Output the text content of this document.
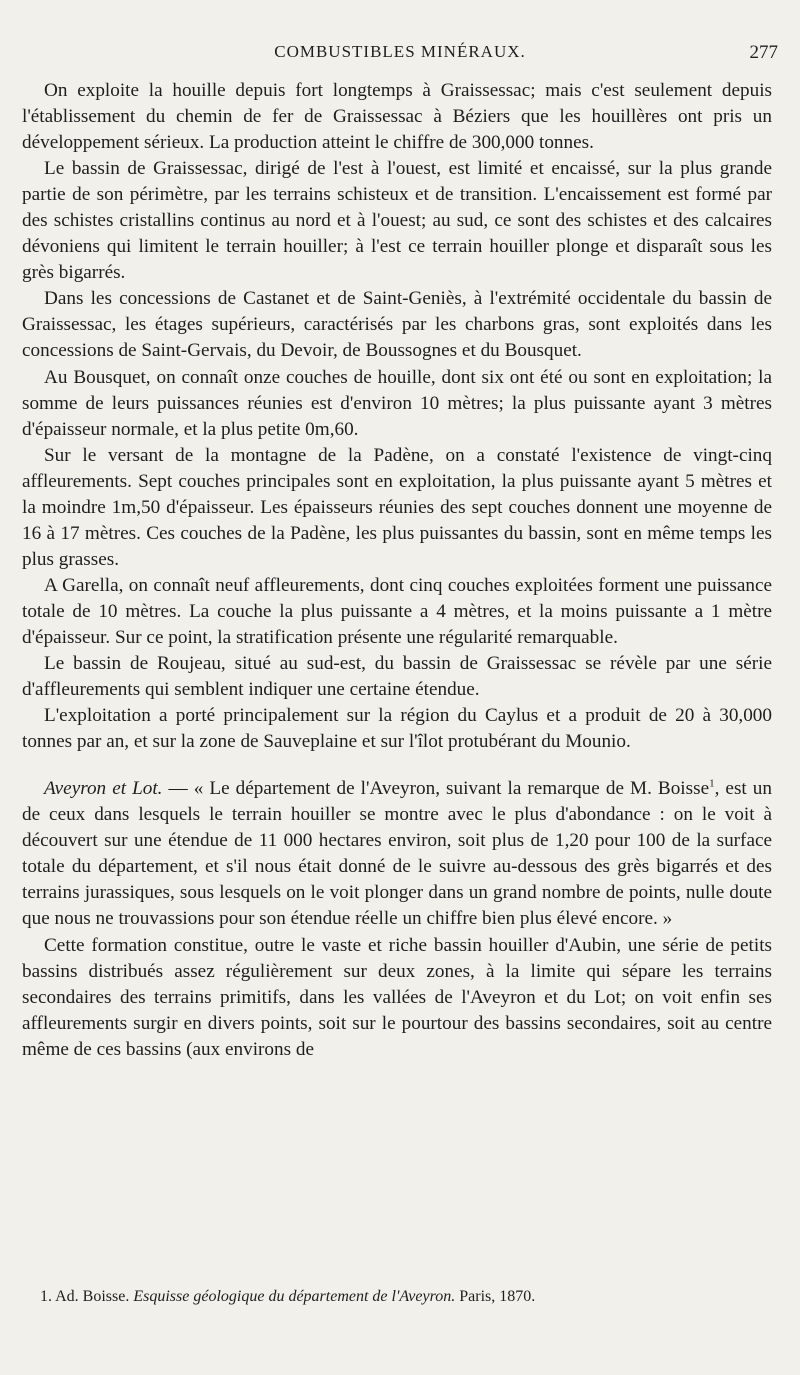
COMBUSTIBLES MINÉRAUX.	277

On exploite la houille depuis fort longtemps à Graissessac; mais c'est seulement depuis l'établissement du chemin de fer de Graissessac à Béziers que les houillères ont pris un développement sérieux. La production atteint le chiffre de 300,000 tonnes.

Le bassin de Graissessac, dirigé de l'est à l'ouest, est limité et encaissé, sur la plus grande partie de son périmètre, par les terrains schisteux et de transition. L'encaissement est formé par des schistes cristallins continus au nord et à l'ouest; au sud, ce sont des schistes et des calcaires dévoniens qui limitent le terrain houiller; à l'est ce terrain houiller plonge et disparaît sous les grès bigarrés.

Dans les concessions de Castanet et de Saint-Geniès, à l'extrémité occidentale du bassin de Graissessac, les étages supérieurs, caractérisés par les charbons gras, sont exploités dans les concessions de Saint-Gervais, du Devoir, de Boussognes et du Bousquet.

Au Bousquet, on connaît onze couches de houille, dont six ont été ou sont en exploitation; la somme de leurs puissances réunies est d'environ 10 mètres; la plus puissante ayant 3 mètres d'épaisseur normale, et la plus petite 0m,60.

Sur le versant de la montagne de la Padène, on a constaté l'existence de vingt-cinq affleurements. Sept couches principales sont en exploitation, la plus puissante ayant 5 mètres et la moindre 1m,50 d'épaisseur. Les épaisseurs réunies des sept couches donnent une moyenne de 16 à 17 mètres. Ces couches de la Padène, les plus puissantes du bassin, sont en même temps les plus grasses.

A Garella, on connaît neuf affleurements, dont cinq couches exploitées forment une puissance totale de 10 mètres. La couche la plus puissante a 4 mètres, et la moins puissante a 1 mètre d'épaisseur. Sur ce point, la stratification présente une régularité remarquable.

Le bassin de Roujeau, situé au sud-est, du bassin de Graissessac se révèle par une série d'affleurements qui semblent indiquer une certaine étendue.

L'exploitation a porté principalement sur la région du Caylus et a produit de 20 à 30,000 tonnes par an, et sur la zone de Sauveplaine et sur l'îlot protubérant du Mounio.

Aveyron et Lot. — « Le département de l'Aveyron, suivant la remarque de M. Boisse$^1$, est un de ceux dans lesquels le terrain houiller se montre avec le plus d'abondance : on le voit à découvert sur une étendue de 11 000 hectares environ, soit plus de 1,20 pour 100 de la surface totale du département, et s'il nous était donné de le suivre au-dessous des grès bigarrés et des terrains jurassiques, sous lesquels on le voit plonger dans un grand nombre de points, nulle doute que nous ne trouvassions pour son étendue réelle un chiffre bien plus élevé encore. »

Cette formation constitue, outre le vaste et riche bassin houiller d'Aubin, une série de petits bassins distribués assez régulièrement sur deux zones, à la limite qui sépare les terrains secondaires des terrains primitifs, dans les vallées de l'Aveyron et du Lot; on voit enfin ses affleurements surgir en divers points, soit sur le pourtour des bassins secondaires, soit au centre même de ces bassins (aux environs de

1. Ad. Boisse. Esquisse géologique du département de l'Aveyron. Paris, 1870.
